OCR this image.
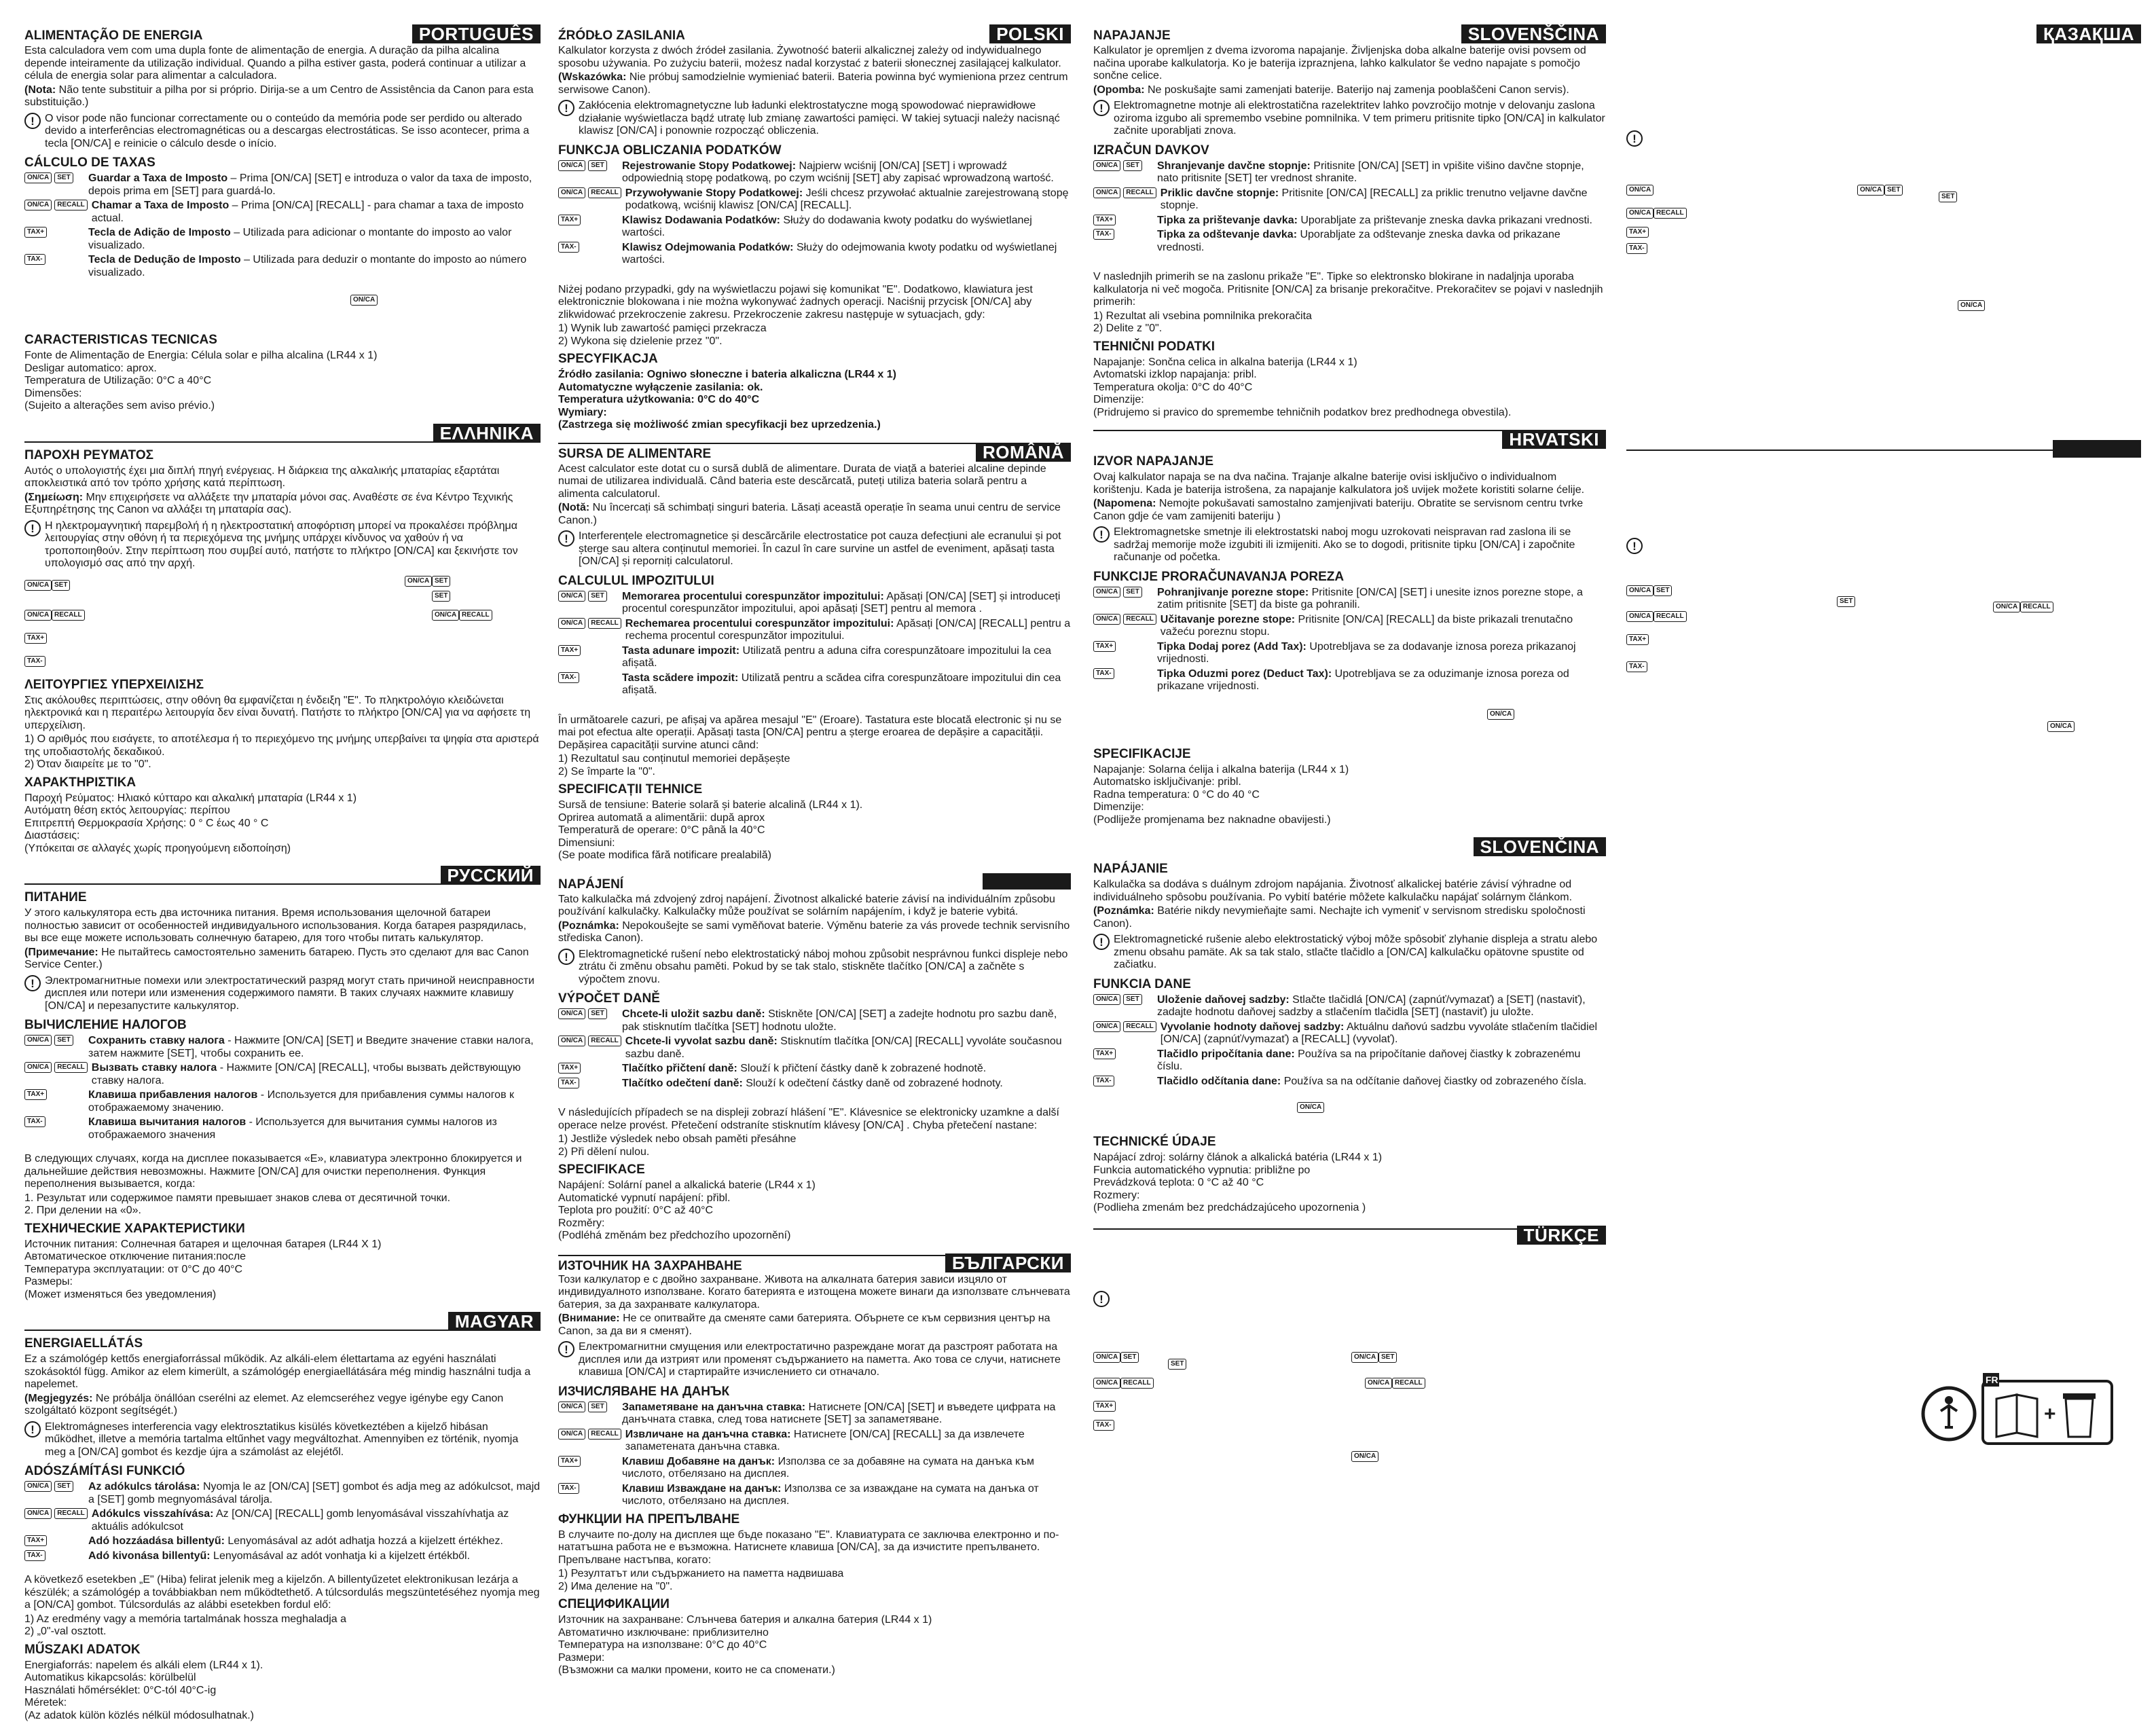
ALIMENTAÇÃO DE ENERGIA	PORTUGUÊS
Esta calculadora vem com uma dupla fonte de alimentação de energia. A duração da pilha alcalina depende inteiramente da utilização individual. Quando a pilha estiver gasta, poderá continuar a utilizar a célula de energia solar para alimentar a calculadora.
(Nota: Não tente substituir a pilha por si próprio. Dirija-se a um Centro de Assistência da Canon para esta substituição.)
! O visor pode não funcionar correctamente ou o conteúdo da memória pode ser perdido ou alterado devido a interferências electromagnéticas ou a descargas electrostáticas. Se isso acontecer, prima a tecla [ON/CA] e reinicie o cálculo desde o início.
CÁLCULO DE TAXAS
ON/CA	SET Guardar a Taxa de Imposto – Prima [ON/CA] [SET] e introduza o valor da taxa de imposto, depois prima em [SET] para guardá-lo.
ON/CA	RECALL Chamar a Taxa de Imposto – Prima [ON/CA] [RECALL] - para chamar a taxa de imposto actual.
TAX+	Tecla de Adição de Imposto – Utilizada para adicionar o montante do imposto ao valor visualizado.
TAX-	Tecla de Dedução de Imposto – Utilizada para deduzir o montante do imposto ao número visualizado.
ON/CA
CARACTERISTICAS TECNICAS
Fonte de Alimentação de Energia: Célula solar e pilha alcalina (LR44 x 1)
Desligar automatico: aprox.
Temperatura de Utilização: 0°C a 40°C
Dimensões:
(Sujeito a alterações sem aviso prévio.)
ΕΛΛΗΝΙΚΑ
ΠΑΡΟΧΗ ΡΕΥΜΑΤΟΣ
Αυτός ο υπολογιστής έχει μια διπλή πηγή ενέργειας. Η διάρκεια της αλκαλικής μπαταρίας εξαρτάται αποκλειστικά από τον τρόπο χρήσης κατά περίπτωση.
(Σημείωση: Μην επιχειρήσετε να αλλάξετε την μπαταρία μόνοι σας. Αναθέστε σε ένα Κέντρο Τεχνικής Εξυπηρέτησης της Canon να αλλάξει τη μπαταρία σας).
! Η ηλεκτρομαγνητική παρεμβολή ή η ηλεκτροστατική αποφόρτιση μπορεί να προκαλέσει πρόβλημα λειτουργίας στην οθόνη ή τα περιεχόμενα της μνήμης υπάρχει κίνδυνος να χαθούν ή να τροποποιηθούν. Στην περίπτωση που συμβεί αυτό, πατήστε το πλήκτρο [ON/CA] και ξεκινήστε τον υπολογισμό σας από την αρχή.
ON/CA SET
ON/CA RECALL
TAX+
ON/CA SET
SET
ON/CA RECALL
TAX-
ΛΕΙΤΟΥΡΓΙΕΣ ΥΠΕΡΧΕΙΛΙΣΗΣ
Στις ακόλουθες περιπτώσεις, στην οθόνη θα εμφανίζεται η ένδειξη "E". Το πληκτρολόγιο κλειδώνεται ηλεκτρονικά και η περαιτέρω λειτουργία δεν είναι δυνατή. Πατήστε το πλήκτρο [ON/CA] για να αφήσετε τη υπερχείλιση.
1) Ο αριθμός που εισάγετε, το αποτέλεσμα ή το περιεχόμενο της μνήμης υπερβαίνει τα ψηφία στα αριστερά της υποδιαστολής δεκαδικού.
2) Όταν διαιρείτε με το "0".
ΧΑΡΑΚΤΗΡΙΣΤΙΚΑ
Παροχή Ρεύματος: Ηλιακό κύτταρο και αλκαλική μπαταρία (LR44 x 1)
Αυτόματη θέση εκτός λειτουργίας: περίπου
Επιτρεπτή Θερμοκρασία Χρήσης: 0 ° C έως 40 ° C
Διαστάσεις:
(Υπόκειται σε αλλαγές χωρίς προηγούμενη ειδοποίηση)
РУССКИЙ
ПИТАНИЕ
У этого калькулятора есть два источника питания. Время использования щелочной батареи полностью зависит от особенностей индивидуального использования. Когда батарея разрядилась, вы все еще можете использовать солнечную батарею, для того чтобы питать калькулятор.
(Примечание: Не пытайтесь самостоятельно заменить батарею. Пусть это сделают для вас Canon Service Center.)
! Электромагнитные помехи или электростатический разряд могут стать причиной неисправности дисплея или потери или изменения содержимого памяти. В таких случаях нажмите клавишу [ON/CA] и перезапустите калькулятор.
ВЫЧИСЛЕНИЕ НАЛОГОВ
ON/CA	SET Сохранить ставку налога - Нажмите [ON/CA] [SET] и Введите значение ставки налога, затем нажмите [SET], чтобы сохранить ее.
ON/CA	RECALL Вызвать ставку налога - Нажмите [ON/CA] [RECALL], чтобы вызвать действующую ставку налога.
TAX+	Клавиша прибавления налогов - Используется для прибавления суммы налогов к отображаемому значению.
TAX-	Клавиша вычитания налогов - Используется для вычитания суммы налогов из отображаемого значения
В следующих случаях, когда на дисплее показывается «E», клавиатура электронно блокируется и дальнейшие действия невозможны. Нажмите [ON/CA] для очистки переполнения. Функция переполнения вызывается, когда:
1. Результат или содержимое памяти превышает знаков слева от десятичной точки.
2. При делении на «0».
ТЕХНИЧЕСКИЕ ХАРАКТЕРИСТИКИ
Источник питания: Солнечная батарея и щелочная батарея (LR44 X 1)
Автоматическое отключение питания:после
Температура эксплуатации: от 0°C до 40°C
Размеры:
(Может изменяться без уведомления)
MAGYAR
ENERGIAELLÁTÁS
Ez a számológép kettős energiaforrással működik. Az alkáli-elem élettartama az egyéni használati szokásoktól függ. Amikor az elem kimerült, a számológép energiaellátására még mindig használni tudja a napelemet.
(Megjegyzés: Ne próbálja önállóan cserélni az elemet. Az elemcseréhez vegye igénybe egy Canon szolgáltató központ segítségét.)
! Elektromágneses interferencia vagy elektrosztatikus kisülés következtében a kijelző hibásan működhet, illetve a memória tartalma eltűnhet vagy megváltozhat. Amennyiben ez történik, nyomja meg a [ON/CA] gombot és kezdje újra a számolást az elejétől.
ADÓSZÁMÍTÁSI FUNKCIÓ
ON/CA	SET Az adókulcs tárolása: Nyomja le az [ON/CA] [SET] gombot és adja meg az adókulcsot, majd a [SET] gomb megnyomásával tárolja.
ON/CA	RECALL Adókulcs visszahívása: Az [ON/CA] [RECALL] gomb lenyomásával visszahívhatja az aktuális adókulcsot
TAX+	Adó hozzáadása billentyű: Lenyomásával az adót adhatja hozzá a kijelzett értékhez.
TAX-	Adó kivonása billentyű: Lenyomásával az adót vonhatja ki a kijelzett értékből.
A következő esetekben „E" (Hiba) felirat jelenik meg a kijelzőn. A billentyűzetet elektronikusan lezárja a készülék; a számológép a továbbiakban nem működtethető. A túlcsordulás megszüntetéséhez nyomja meg a [ON/CA] gombot. Túlcsordulás az alábbi esetekben fordul elő:
1) Az eredmény vagy a memória tartalmának hossza meghaladja a
2) „0"-val osztott.
MŰSZAKI ADATOK
Energiaforrás: napelem és alkáli elem (LR44 x 1).
Automatikus kikapcsolás: körülbelül
Használati hőmérséklet: 0°C-tól 40°C-ig
Méretek:
(Az adatok külön közlés nélkül módosulhatnak.)
ŹRÓDŁO ZASILANIA	POLSKI
Kalkulator korzysta z dwóch źródeł zasilania. Żywotność baterii alkalicznej zależy od indywidualnego sposobu używania. Po zużyciu baterii, możesz nadal korzystać z baterii słonecznej zasilającej kalkulator.
(Wskazówka: Nie próbuj samodzielnie wymieniać baterii. Bateria powinna być wymieniona przez centrum serwisowe Canon).
! Zakłócenia elektromagnetyczne lub ładunki elektrostatyczne mogą spowodować nieprawidłowe działanie wyświetlacza bądź utratę lub zmianę zawartości pamięci. W takiej sytuacji należy nacisnąć klawisz [ON/CA] i ponownie rozpocząć obliczenia.
FUNKCJA OBLICZANIA PODATKÓW
ON/CA	SET Rejestrowanie Stopy Podatkowej: Najpierw wciśnij [ON/CA] [SET] i wprowadź odpowiednią stopę podatkową, po czym wciśnij [SET] aby zapisać wprowadzoną wartość.
ON/CA	RECALL Przywoływanie Stopy Podatkowej: Jeśli chcesz przywołać aktualnie zarejestrowaną stopę podatkową, wciśnij klawisz [ON/CA] [RECALL].
TAX+	Klawisz Dodawania Podatków: Służy do dodawania kwoty podatku do wyświetlanej wartości.
TAX-	Klawisz Odejmowania Podatków: Służy do odejmowania kwoty podatku od wyświetlanej wartości.
Niżej podano przypadki, gdy na wyświetlaczu pojawi się komunikat "E". Dodatkowo, klawiatura jest elektronicznie blokowana i nie można wykonywać żadnych operacji. Naciśnij przycisk [ON/CA] aby zlikwidować przekroczenie zakresu. Przekroczenie zakresu następuje w sytuacjach, gdy:
1) Wynik lub zawartość pamięci przekracza
2) Wykona się dzielenie przez "0".
SPECYFIKACJA
Źródło zasilania: Ogniwo słoneczne i bateria alkaliczna (LR44 x 1)
Automatyczne wyłączenie zasilania: ok.
Temperatura użytkowania: 0°C do 40°C
Wymiary:
(Zastrzega się możliwość zmian specyfikacji bez uprzedzenia.)
SURSA DE ALIMENTARE	ROMÂNĂ
Acest calculator este dotat cu o sursă dublă de alimentare. Durata de viață a bateriei alcaline depinde numai de utilizarea individuală. Când bateria este descărcată, puteți utiliza bateria solară pentru a alimenta calculatorul.
(Notă: Nu încercați să schimbați singuri bateria. Lăsați această operație în seama unui centru de service Canon.)
! Interferențele electromagnetice și descărcările electrostatice pot cauza defecțiuni ale ecranului și pot șterge sau altera conținutul memoriei. În cazul în care survine un astfel de eveniment, apăsați tasta [ON/CA] și reporniți calculatorul.
CALCULUL IMPOZITULUI
ON/CA	SET Memorarea procentului corespunzător impozitului: Apăsați [ON/CA] [SET] și introduceți procentul corespunzător impozitului, apoi apăsați [SET] pentru al memora .
ON/CA	RECALL Rechemarea procentului corespunzător impozitului: Apăsați [ON/CA] [RECALL] pentru a rechema procentul corespunzător impozitului.
TAX+	Tasta adunare impozit: Utilizată pentru a aduna cifra corespunzătoare impozitului la cea afișată.
TAX-	Tasta scădere impozit: Utilizată pentru a scădea cifra corespunzătoare impozitului din cea afișată.
În următoarele cazuri, pe afișaj va apărea mesajul "E" (Eroare). Tastatura este blocată electronic și nu se mai pot efectua alte operații. Apăsați tasta [ON/CA] pentru a șterge eroarea de depășire a capacității. Depășirea capacității survine atunci când:
1) Rezultatul sau conținutul memoriei depășește
2) Se împarte la "0".
SPECIFICAȚII TEHNICE
Sursă de tensiune: Baterie solară și baterie alcalină (LR44 x 1).
Oprirea automată a alimentării: după aprox
Temperatură de operare: 0°C până la 40°C
Dimensiuni:
(Se poate modifica fără notificare prealabilă)
NAPÁJENÍ
Tato kalkulačka má zdvojený zdroj napájení. Životnost alkalické baterie závisí na individuálním způsobu používání kalkulačky. Kalkulačky může používat se solárním napájením, i když je baterie vybitá.
(Poznámka: Nepokoušejte se sami vyměňovat baterie. Výměnu baterie za vás provede technik servisního střediska Canon).
! Elektromagnetické rušení nebo elektrostatický náboj mohou způsobit nesprávnou funkci displeje nebo ztrátu či změnu obsahu paměti. Pokud by se tak stalo, stiskněte tlačítko [ON/CA] a začněte s výpočtem znovu.
VÝPOČET DANĚ
ON/CA	SET Chcete-li uložit sazbu daně: Stiskněte [ON/CA] [SET] a zadejte hodnotu pro sazbu daně, pak stisknutím tlačítka [SET] hodnotu uložte.
ON/CA	RECALL Chcete-li vyvolat sazbu daně: Stisknutím tlačítka [ON/CA] [RECALL] vyvoláte současnou sazbu daně.
TAX+	Tlačítko přičtení daně: Slouží k přičtení částky daně k zobrazené hodnotě.
TAX-	Tlačítko odečtení daně: Slouží k odečtení částky daně od zobrazené hodnoty.
V následujících případech se na displeji zobrazí hlášení "E". Klávesnice se elektronicky uzamkne a další operace nelze provést. Přetečení odstraníte stisknutím klávesy [ON/CA] . Chyba přetečení nastane:
1) Jestliže výsledek nebo obsah paměti přesáhne
2) Při dělení nulou.
SPECIFIKACE
Napájení: Solární panel a alkalická baterie (LR44 x 1)
Automatické vypnutí napájení: přibl.
Teplota pro použití: 0°C až 40°C
Rozměry:
(Podléhá změnám bez předchozího upozornění)
ИЗТОЧНИК НА ЗАХРАНВАНЕ	БЪЛГАРСКИ
Този калкулатор е с двойно захранване. Живота на алкалната батерия зависи изцяло от индивидуалното използване. Когато батерията е изтощена можете винаги да използвате слънчевата батерия, за да захранвате калкулатора.
(Внимание: Не се опитвайте да сменяте сами батерията. Обърнете се към сервизния център на Canon, за да ви я сменят).
! Електромагнитни смущения или електростатично разреждане могат да разстроят работата на дисплея или да изтрият или променят съдържанието на паметта. Ако това се случи, натиснете клавиша [ON/CA] и стартирайте изчислението си отначало.
ИЗЧИСЛЯВАНЕ НА ДАНЪК
ON/CA	SET Запаметяване на данъчна ставка: Натиснете [ON/CA] [SET] и въведете цифрата на данъчната ставка, след това натиснете [SET] за запаметяване.
ON/CA	RECALL Извличане на данъчна ставка: Натиснете [ON/CA] [RECALL] за да извлечете запаметената данъчна ставка.
TAX+	Клавиш Добавяне на данък: Използва се за добавяне на сумата на данъка към числото, отбелязано на дисплея.
TAX-	Клавиш Изваждане на данък: Използва се за изваждане на сумата на данъка от числото, отбелязано на дисплея.
ФУНКЦИИ НА ПРЕПЪЛВАНЕ
В случаите по-долу на дисплея ще бъде показано "Е". Клавиатурата се заключва електронно и по-нататъшна работа не е възможна. Натиснете клавиша [ON/CA], за да изчистите препълването. Препълване настъпва, когато:
1) Резултатът или съдържанието на паметта надвишава
2) Има деление на "0".
СПЕЦИФИКАЦИИ
Източник на захранване: Слънчева батерия и алкална батерия (LR44 x 1)
Автоматично изключване: приблизително
Температура на използване: 0°C до 40°C
Размери:
(Възможни са малки промени, които не са споменати.)
NAPAJANJE	SLOVENŠČINA
Kalkulator je opremljen z dvema izvoroma napajanje. Življenjska doba alkalne baterije ovisi povsem od načina uporabe kalkulatorja. Ko je baterija izpraznjena, lahko kalkulator še vedno napajate s pomočjo sončne celice.
(Opomba: Ne poskušajte sami zamenjati baterije. Baterijo naj zamenja pooblaščeni Canon servis).
! Elektromagnetne motnje ali elektrostatična razelektritev lahko povzročijo motnje v delovanju zaslona oziroma izgubo ali spremembo vsebine pomnilnika. V tem primeru pritisnite tipko [ON/CA] in kalkulator začnite uporabljati znova.
IZRAČUN DAVKOV
ON/CA	SET Shranjevanje davčne stopnje: Pritisnite [ON/CA] [SET] in vpišite višino davčne stopnje, nato pritisnite [SET] ter vrednost shranite.
ON/CA	RECALL Priklic davčne stopnje: Pritisnite [ON/CA] [RECALL] za priklic trenutno veljavne davčne stopnje.
TAX+	Tipka za prištevanje davka: Uporabljate za prištevanje zneska davka prikazani vrednosti.
TAX-	Tipka za odštevanje davka: Uporabljate za odštevanje zneska davka od prikazane vrednosti.
V naslednjih primerih se na zaslonu prikaže "E". Tipke so elektronsko blokirane in nadaljnja uporaba kalkulatorja ni več mogoča. Pritisnite [ON/CA] za brisanje prekoračitve. Prekoračitev se pojavi v naslednjih primerih:
1) Rezultat ali vsebina pomnilnika prekoračita
2) Delite z "0".
TEHNIČNI PODATKI
Napajanje: Sončna celica in alkalna baterija (LR44 x 1)
Avtomatski izklop napajanja: pribl.
Temperatura okolja: 0°C do 40°C
Dimenzije:
(Pridrujemo si pravico do spremembe tehničnih podatkov brez predhodnega obvestila).
HRVATSKI
IZVOR NAPAJANJE
Ovaj kalkulator napaja se na dva načina. Trajanje alkalne baterije ovisi isključivo o individualnom korištenju. Kada je baterija istrošena, za napajanje kalkulatora još uvijek možete koristiti solarne ćelije.
(Napomena: Nemojte pokušavati samostalno zamjenjivati bateriju. Obratite se servisnom centru tvrke Canon gdje će vam zamijeniti bateriju )
! Elektromagnetske smetnje ili elektrostatski naboj mogu uzrokovati neispravan rad zaslona ili se sadržaj memorije može izgubiti ili izmijeniti. Ako se to dogodi, pritisnite tipku [ON/CA] i započnite računanje od početka.
FUNKCIJE PRORAČUNAVANJA POREZA
ON/CA	SET Pohranjivanje porezne stope: Pritisnite [ON/CA] [SET] i unesite iznos porezne stope, a zatim pritisnite [SET] da biste ga pohranili.
ON/CA	RECALL Učitavanje porezne stope: Pritisnite [ON/CA] [RECALL] da biste prikazali trenutačno važeću poreznu stopu.
TAX+	Tipka Dodaj porez (Add Tax): Upotrebljava se za dodavanje iznosa poreza prikazanoj vrijednosti.
TAX-	Tipka Oduzmi porez (Deduct Tax): Upotrebljava se za oduzimanje iznosa poreza od prikazane vrijednosti.
ON/CA
SPECIFIKACIJE
Napajanje: Solarna ćelija i alkalna baterija (LR44 x 1)
Automatsko isključivanje: pribl.
Radna temperatura: 0 °C do 40 °C
Dimenzije:
(Podliježe promjenama bez naknadne obavijesti.)
SLOVENČINA
NAPÁJANIE
Kalkulačka sa dodáva s duálnym zdrojom napájania. Životnosť alkalickej batérie závisí výhradne od individuálneho spôsobu používania. Po vybití batérie môžete kalkulačku napájať solárnym článkom.
(Poznámka: Batérie nikdy nevymieňajte sami. Nechajte ich vymeniť v servisnom stredisku spoločnosti Canon).
! Elektromagnetické rušenie alebo elektrostatický výboj môže spôsobiť zlyhanie displeja a stratu alebo zmenu obsahu pamäte. Ak sa tak stalo, stlačte tlačidlo a [ON/CA] kalkulačku opätovne spustite od začiatku.
FUNKCIA DANE
ON/CA	SET Uloženie daňovej sadzby: Stlačte tlačidlá [ON/CA] (zapnúť/vymazať) a [SET] (nastaviť), zadajte hodnotu daňovej sadzby a stlačením tlačidla [SET] (nastaviť) ju uložte.
ON/CA	RECALL Vyvolanie hodnoty daňovej sadzby: Aktuálnu daňovú sadzbu vyvoláte stlačením tlačidiel [ON/CA] (zapnúť/vymazať) a [RECALL] (vyvolať).
TAX+	Tlačidlo pripočítania dane: Používa sa na pripočítanie daňovej čiastky k zobrazenému číslu.
TAX-	Tlačidlo odčítania dane: Používa sa na odčítanie daňovej čiastky od zobrazeného čísla.
ON/CA
TECHNICKÉ ÚDAJE
Napájací zdroj: solárny článok a alkalická batéria (LR44 x 1)
Funkcia automatického vypnutia: približne po
Prevádzková teplota: 0 °C až 40 °C
Rozmery:
(Podlieha zmenám bez predchádzajúceho upozornenia )
TÜRKÇE
!
ON/CA SET
SET
ON/CA SET
ON/CA RECALL	ON/CA RECALL
TAX+
TAX-
ON/CA
ҚАЗАҚША
!
ON/CA
ON/CA RECALL
TAX+
TAX-
ON/CA SET
SET
ON/CA
!
ON/CA SET
ON/CA RECALL
TAX+
TAX-
SET
ON/CA RECALL
ON/CA
FR
+
